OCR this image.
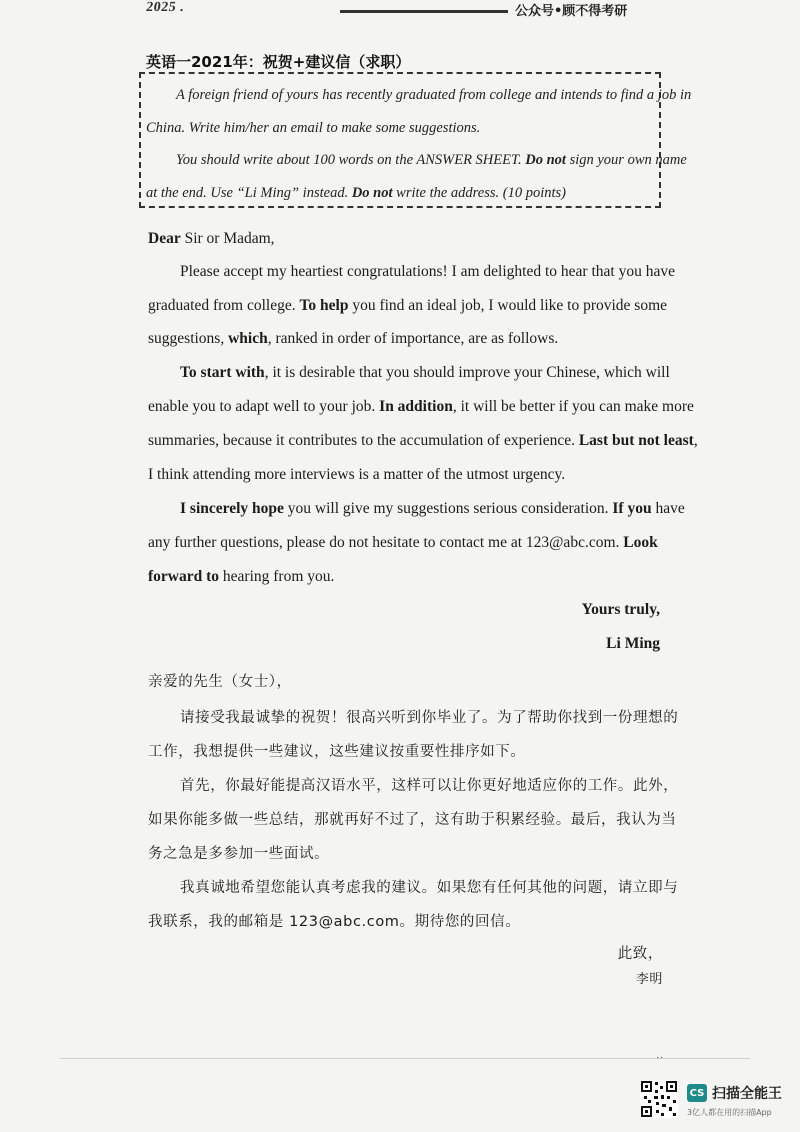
2025 .	公众号•顾不得考研
英语一2021年：祝贺+建议信（求职）
A foreign friend of yours has recently graduated from college and intends to find a job in
China. Write him/her an email to make some suggestions.
You should write about 100 words on the ANSWER SHEET. Do not sign your own name
at the end. Use “Li Ming” instead. Do not write the address. (10 points)
Dear Sir or Madam,
Please accept my heartiest congratulations! I am delighted to hear that you have
graduated from college. To help you find an ideal job, I would like to provide some
suggestions, which, ranked in order of importance, are as follows.
To start with, it is desirable that you should improve your Chinese, which will
enable you to adapt well to your job. In addition, it will be better if you can make more
summaries, because it contributes to the accumulation of experience. Last but not least,
I think attending more interviews is a matter of the utmost urgency.
I sincerely hope you will give my suggestions serious consideration. If you have
any further questions, please do not hesitate to contact me at 123@abc.com. Look
forward to hearing from you.
Yours truly,
Li Ming
亲爱的先生（女士），
请接受我最诚挚的祝贺！很高兴听到你毕业了。为了帮助你找到一份理想的
工作，我想提供一些建议，这些建议按重要性排序如下。
首先，你最好能提高汉语水平，这样可以让你更好地适应你的工作。此外，
如果你能多做一些总结，那就再好不过了，这有助于积累经验。最后，我认为当
务之急是多参加一些面试。
我真诚地希望您能认真考虑我的建议。如果您有任何其他的问题，请立即与
我联系，我的邮箱是 123@abc.com。期待您的回信。
此致，
李明
··
CS 扫描全能王
3亿人都在用的扫描App
